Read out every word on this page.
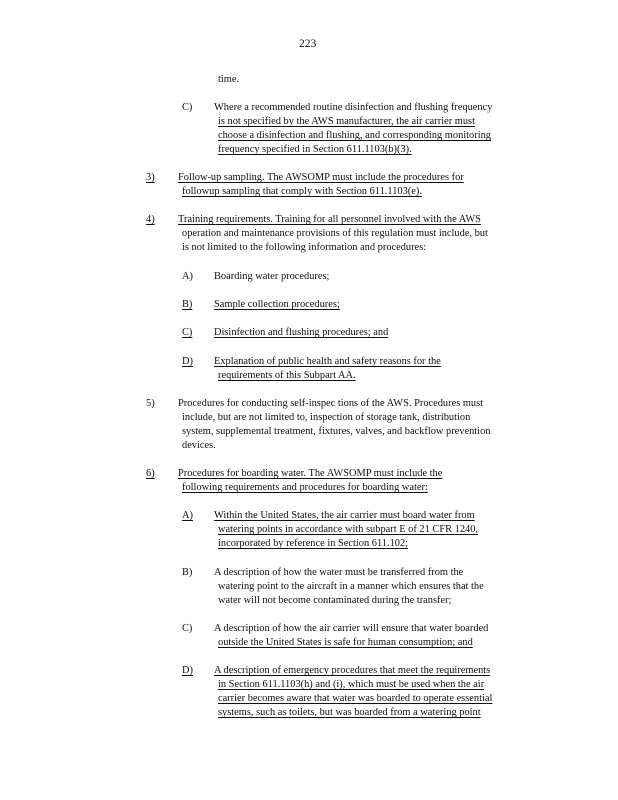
223
time.
C) Where a recommended routine disinfection and flushing frequency
is not specified by the AWS manufacturer, the air carrier must
choose a disinfection and flushing, and corresponding monitoring
frequency specified in Section 611.1103(b)(3).
3) Follow-up sampling. The AWSOMP must include the procedures for
followup sampling that comply with Section 611.1103(e).
4) Training requirements. Training for all personnel involved with the AWS
operation and maintenance provisions of this regulation must include, but
is not limited to the following information and procedures:
A) Boarding water procedures;
B) Sample collection procedures;
C) Disinfection and flushing procedures; and
D) Explanation of public health and safety reasons for the
requirements of this Subpart AA.
5) Procedures for conducting self-inspec tions of the AWS. Procedures must
include, but are not limited to, inspection of storage tank, distribution
system, supplemental treatment, fixtures, valves, and backflow prevention
devices.
6) Procedures for boarding water. The AWSOMP must include the
following requirements and procedures for boarding water:
A) Within the United States, the air carrier must board water from
watering points in accordance with subpart E of 21 CFR 1240,
incorporated by reference in Section 611.102;
B) A description of how the water must be transferred from the
watering point to the aircraft in a manner which ensures that the
water will not become contaminated during the transfer;
C) A description of how the air carrier will ensure that water boarded
outside the United States is safe for human consumption; and
D) A description of emergency procedures that meet the requirements
in Section 611.1103(h) and (i), which must be used when the air
carrier becomes aware that water was boarded to operate essential
systems, such as toilets, but was boarded from a watering point
